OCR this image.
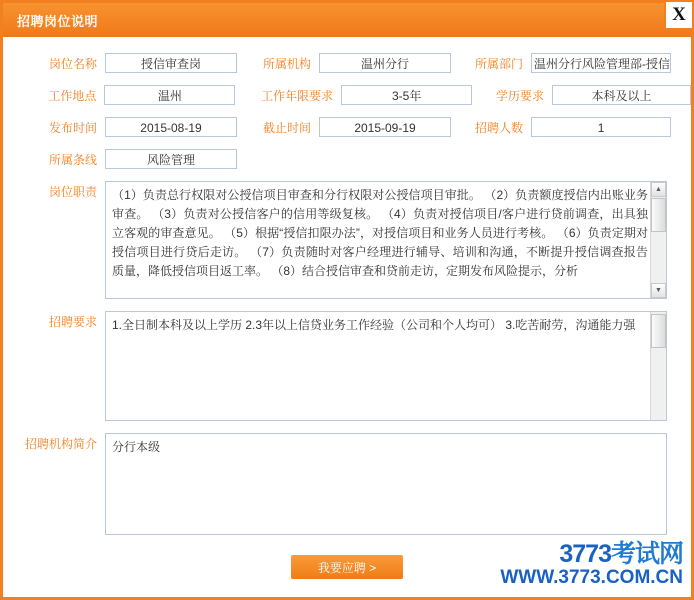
招聘岗位说明	X
岗位名称	授信审查岗	所属机构	温州分行	所属部门 温州分行风险管理部-授信
工作地点	温州	工作年限要求	3-5年	学历要求	本科及以上
发布时间	2015-08-19	截止时间	2015-09-19	招聘人数	1
所属条线	风险管理
岗位职责	（1）负责总行权限对公授信项目审查和分行权限对公授信项目审批。 （2）负责额度授信内出账业务审查。 （3）负责对公授信客户的信用等级复核。 （4）负责对授信项目/客户进行贷前调查，出具独立客观的审查意见。 （5）根据“授信扣限办法”，对授信项目和业务人员进行考核。 （6）负责定期对授信项目进行贷后走访。 （7）负责随时对客户经理进行辅导、培训和沟通，不断提升授信调查报告质量，降低授信项目返工率。 （8）结合授信审查和贷前走访，定期发布风险提示，分析
▲
▼
招聘要求	1.全日制本科及以上学历 2.3年以上信贷业务工作经验（公司和个人均可） 3.吃苦耐劳，沟通能力强
招聘机构简介	分行本级
我要应聘 >	3773考试网
WWW.3773.COM.CN
